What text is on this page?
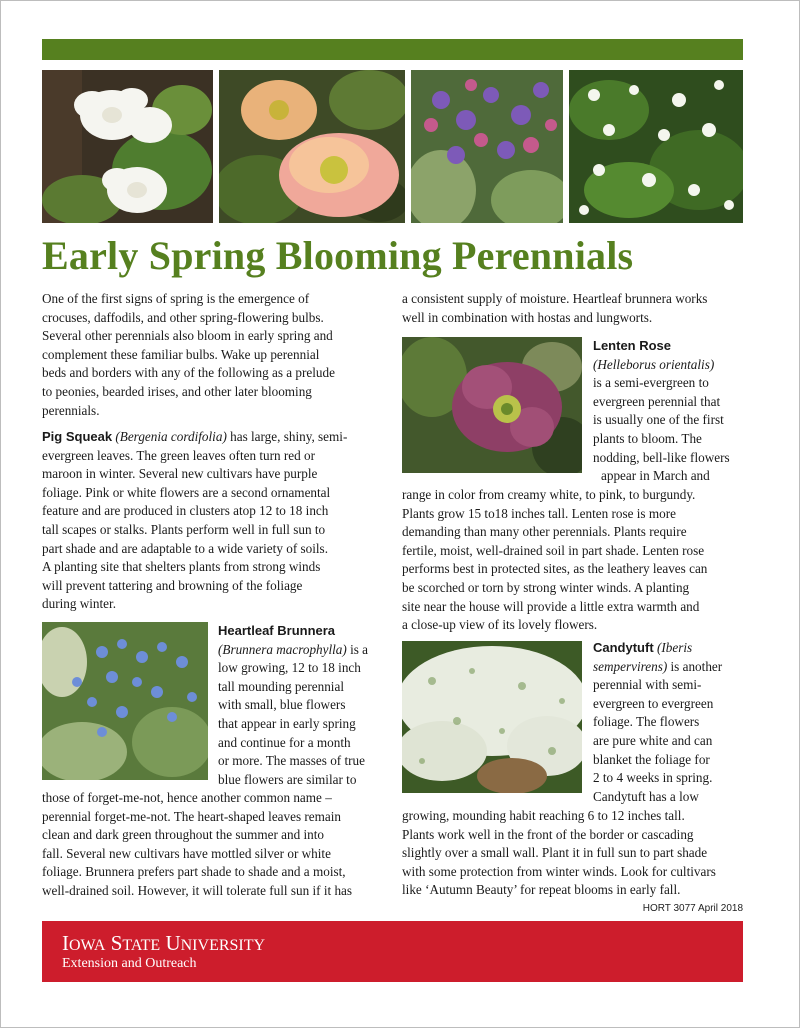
Early Spring Blooming Perennials
One of the first signs of spring is the emergence of
crocuses, daffodils, and other spring-flowering bulbs.
Several other perennials also bloom in early spring and
complement these familiar bulbs. Wake up perennial
beds and borders with any of the following as a prelude
to peonies, bearded irises, and other later blooming
perennials.
Pig Squeak (Bergenia cordifolia) has large, shiny, semi-
evergreen leaves. The green leaves often turn red or
maroon in winter. Several new cultivars have purple
foliage. Pink or white flowers are a second ornamental
feature and are produced in clusters atop 12 to 18 inch
tall scapes or stalks. Plants perform well in full sun to
part shade and are adaptable to a wide variety of soils.
A planting site that shelters plants from strong winds
will prevent tattering and browning of the foliage
during winter.
Heartleaf Brunnera
(Brunnera macrophylla) is a
low growing, 12 to 18 inch
tall mounding perennial
with small, blue flowers
that appear in early spring
and continue for a month
or more. The masses of true
blue flowers are similar to
those of forget-me-not, hence another common name –
perennial forget-me-not. The heart-shaped leaves remain
clean and dark green throughout the summer and into
fall. Several new cultivars have mottled silver or white
foliage. Brunnera prefers part shade to shade and a moist,
well-drained soil. However, it will tolerate full sun if it has
a consistent supply of moisture. Heartleaf brunnera works
well in combination with hostas and lungworts.
Lenten Rose
(Helleborus orientalis)
is a semi-evergreen to
evergreen perennial that
is usually one of the first
plants to bloom. The
nodding, bell-like flowers
appear in March and
range in color from creamy white, to pink, to burgundy.
Plants grow 15 to18 inches tall. Lenten rose is more
demanding than many other perennials. Plants require
fertile, moist, well-drained soil in part shade. Lenten rose
performs best in protected sites, as the leathery leaves can
be scorched or torn by strong winter winds. A planting
site near the house will provide a little extra warmth and
a close-up view of its lovely flowers.
Candytuft (Iberis
sempervirens) is another
perennial with semi-
evergreen to evergreen
foliage. The flowers
are pure white and can
blanket the foliage for
2 to 4 weeks in spring.
Candytuft has a low
growing, mounding habit reaching 6 to 12 inches tall.
Plants work well in the front of the border or cascading
slightly over a small wall. Plant it in full sun to part shade
with some protection from winter winds. Look for cultivars
like ‘Autumn Beauty’ for repeat blooms in early fall.
HORT 3077 April 2018
IOWA STATE UNIVERSITY
Extension and Outreach
